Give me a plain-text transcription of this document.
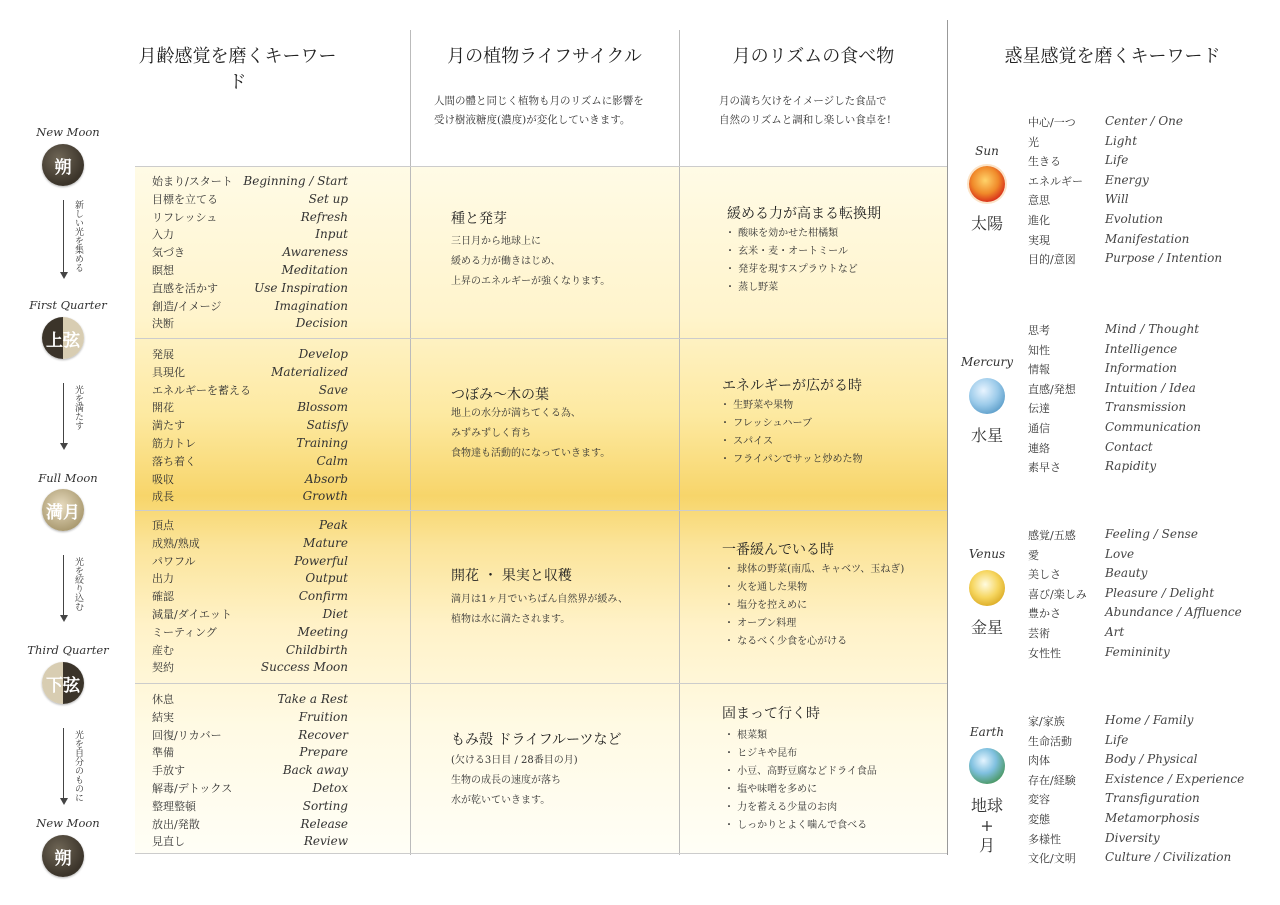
月齢感覚を磨くキーワード
月の植物ライフサイクル	月のリズムの食べ物	惑星感覚を磨くキーワード
人間の體と同じく植物も月のリズムに影響を
受け樹液糖度(濃度)が変化していきます。
月の満ち欠けをイメージした食品で
自然のリズムと調和し楽しい食卓を!
New Moon
朔
First Quarter
上弦
Full Moon
満月
Third Quarter
下弦
New Moon
朔
新しい光を集める
光を満たす
光を絞り込む
光を自分のものに
始まり/スタート Beginning / Start
目標を立てる	Set up
リフレッシュ	Refresh
入力	Input
気づき	Awareness
瞑想	Meditation
直感を活かす	Use Inspiration
創造/イメージ	Imagination
決断	Decision
発展	Develop
具現化	Materialized
エネルギーを蓄える	Save
開花	Blossom
満たす	Satisfy
筋力トレ	Training
落ち着く	Calm
吸収	Absorb
成長	Growth
頂点	Peak
成熟/熟成	Mature
パワフル	Powerful
出力	Output
確認	Confirm
減量/ダイエット	Diet
ミーティング	Meeting
産む	Childbirth
契約	Success Moon
休息	Take a Rest
結実	Fruition
回復/リカバー	Recover
準備	Prepare
手放す	Back away
解毒/デトックス	Detox
整理整頓	Sorting
放出/発散	Release
見直し	Review
種と発芽
三日月から地球上に
緩める力が働きはじめ、
上昇のエネルギーが強くなります。
つぼみ〜木の葉
地上の水分が満ちてくる為、
みずみずしく育ち
食物達も活動的になっていきます。
開花 ・ 果実と収穫
満月は1ヶ月でいちばん自然界が緩み、
植物は水に満たされます。
もみ殻 ドライフルーツなど
(欠ける3日目 / 28番目の月)
生物の成長の速度が落ち
水が乾いていきます。
緩める力が高まる転換期
・ 酸味を効かせた柑橘類
・ 玄米・麦・オートミール
・ 発芽を現すスプラウトなど
・ 蒸し野菜
エネルギーが広がる時
・ 生野菜や果物
・ フレッシュハーブ
・ スパイス
・ フライパンでサッと炒めた物
一番緩んでいる時
・ 球体の野菜(南瓜、キャベツ、玉ねぎ)
・ 火を通した果物
・ 塩分を控えめに
・ オーブン料理
・ なるべく少食を心がける
固まって行く時
・ 根菜類
・ ヒジキや昆布
・ 小豆、高野豆腐などドライ食品
・ 塩や味噌を多めに
・ 力を蓄える少量のお肉
・ しっかりとよく噛んで食べる
Sun
太陽
Mercury
水星
Venus
金星
Earth
地球
+
月
中心/一つ Center / One
光	Light
生きる	Life
エネルギー Energy
意思	Will
進化	Evolution
実現	Manifestation
目的/意図 Purpose / Intention
思考	Mind / Thought
知性	Intelligence
情報	Information
直感/発想 Intuition / Idea
伝達	Transmission
通信	Communication
連絡	Contact
素早さ	Rapidity
感覚/五感 Feeling / Sense
愛	Love
美しさ	Beauty
喜び/楽しみ Pleasure / Delight
豊かさ	Abundance / Affluence
芸術	Art
女性性	Femininity
家/家族	Home / Family
生命活動	Life
肉体	Body / Physical
存在/経験 Existence / Experience
変容	Transfiguration
変態	Metamorphosis
多様性	Diversity
文化/文明 Culture / Civilization
